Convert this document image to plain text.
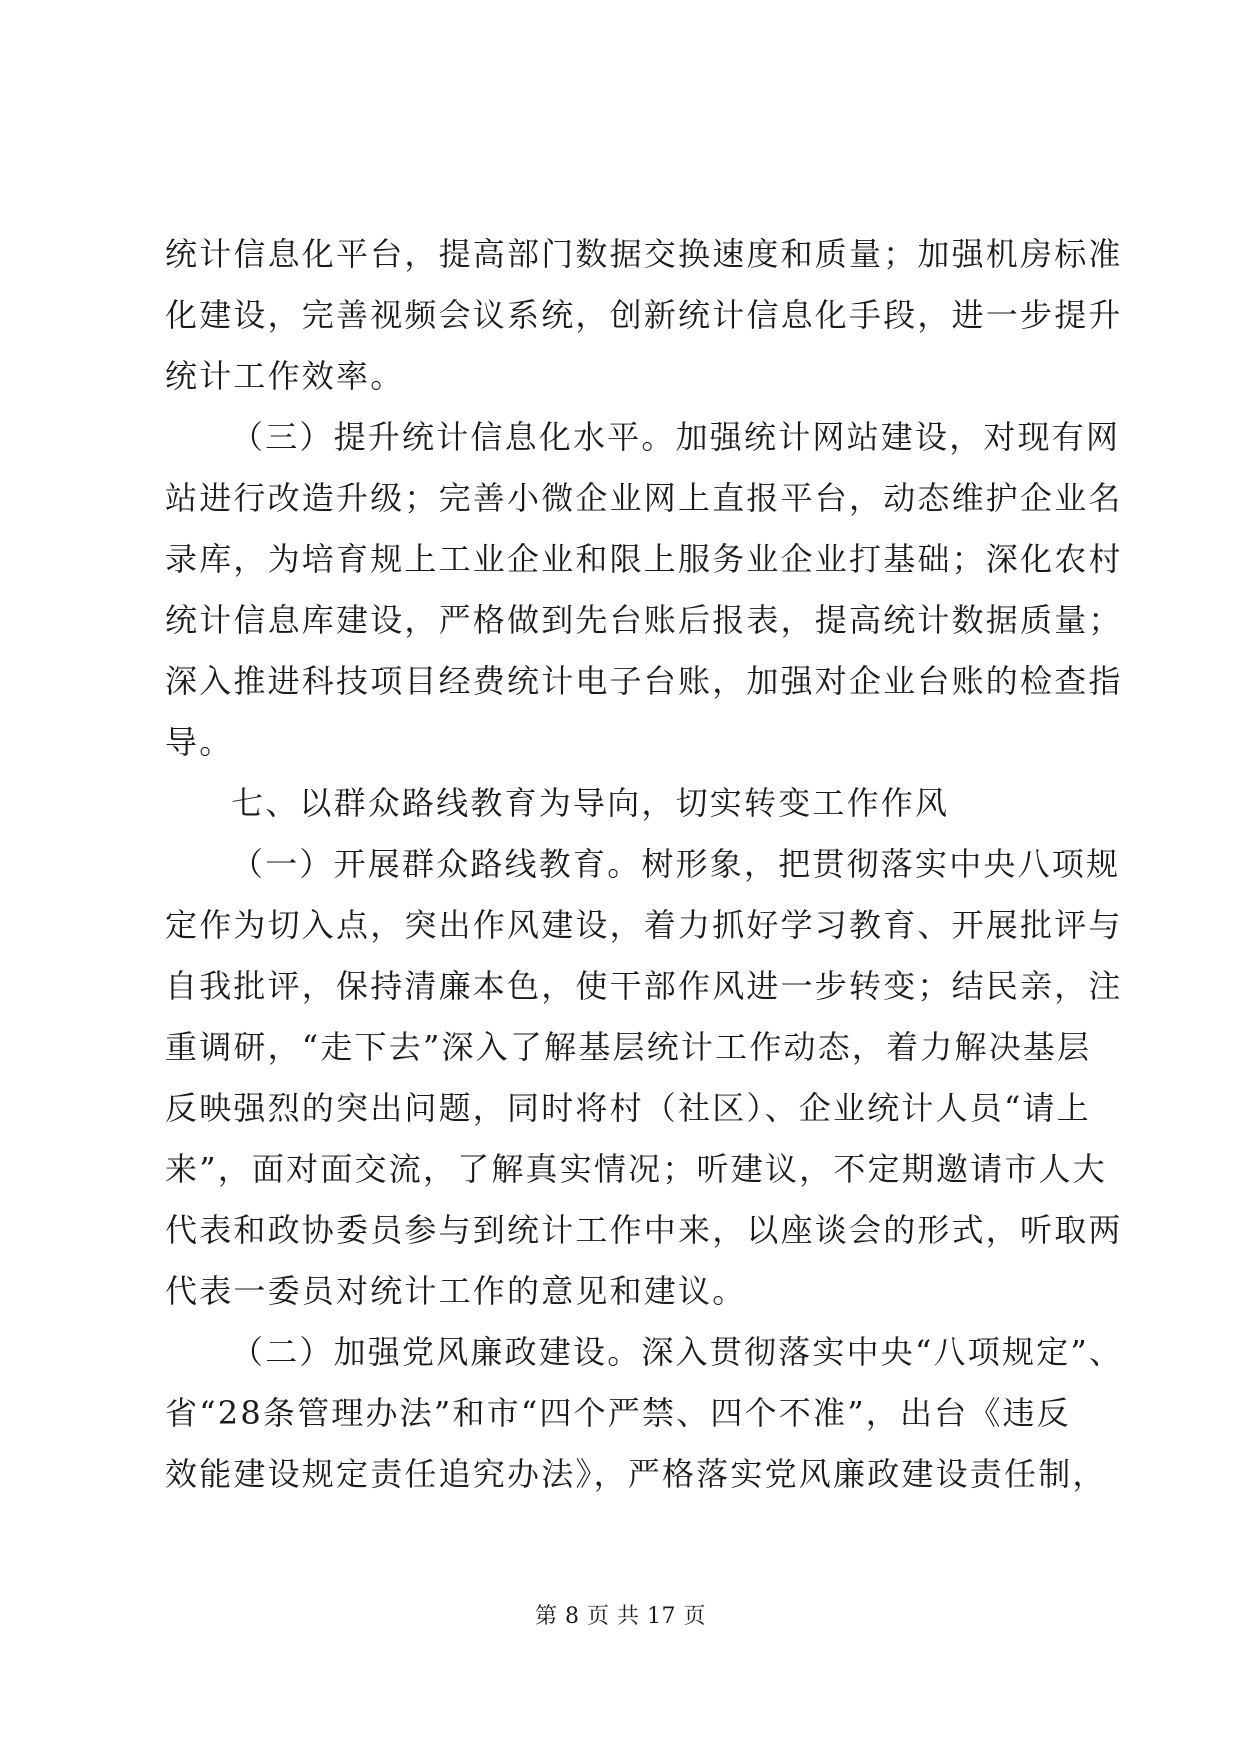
统计信息化平台，提高部门数据交换速度和质量；加强机房标准
化建设，完善视频会议系统，创新统计信息化手段，进一步提升
统计工作效率。
（三）提升统计信息化水平。加强统计网站建设，对现有网
站进行改造升级；完善小微企业网上直报平台，动态维护企业名
录库，为培育规上工业企业和限上服务业企业打基础；深化农村
统计信息库建设，严格做到先台账后报表，提高统计数据质量；
深入推进科技项目经费统计电子台账，加强对企业台账的检查指
导。
七、以群众路线教育为导向，切实转变工作作风
（一）开展群众路线教育。树形象，把贯彻落实中央八项规
定作为切入点，突出作风建设，着力抓好学习教育、开展批评与
自我批评，保持清廉本色，使干部作风进一步转变；结民亲，注
重调研，“走下去”深入了解基层统计工作动态，着力解决基层
反映强烈的突出问题，同时将村（社区）、企业统计人员“请上
来”，面对面交流，了解真实情况；听建议，不定期邀请市人大
代表和政协委员参与到统计工作中来，以座谈会的形式，听取两
代表一委员对统计工作的意见和建议。
（二）加强党风廉政建设。深入贯彻落实中央“八项规定”、
省“28条管理办法”和市“四个严禁、四个不准”，出台《违反
效能建设规定责任追究办法》，严格落实党风廉政建设责任制，
第 8 页 共 17 页
